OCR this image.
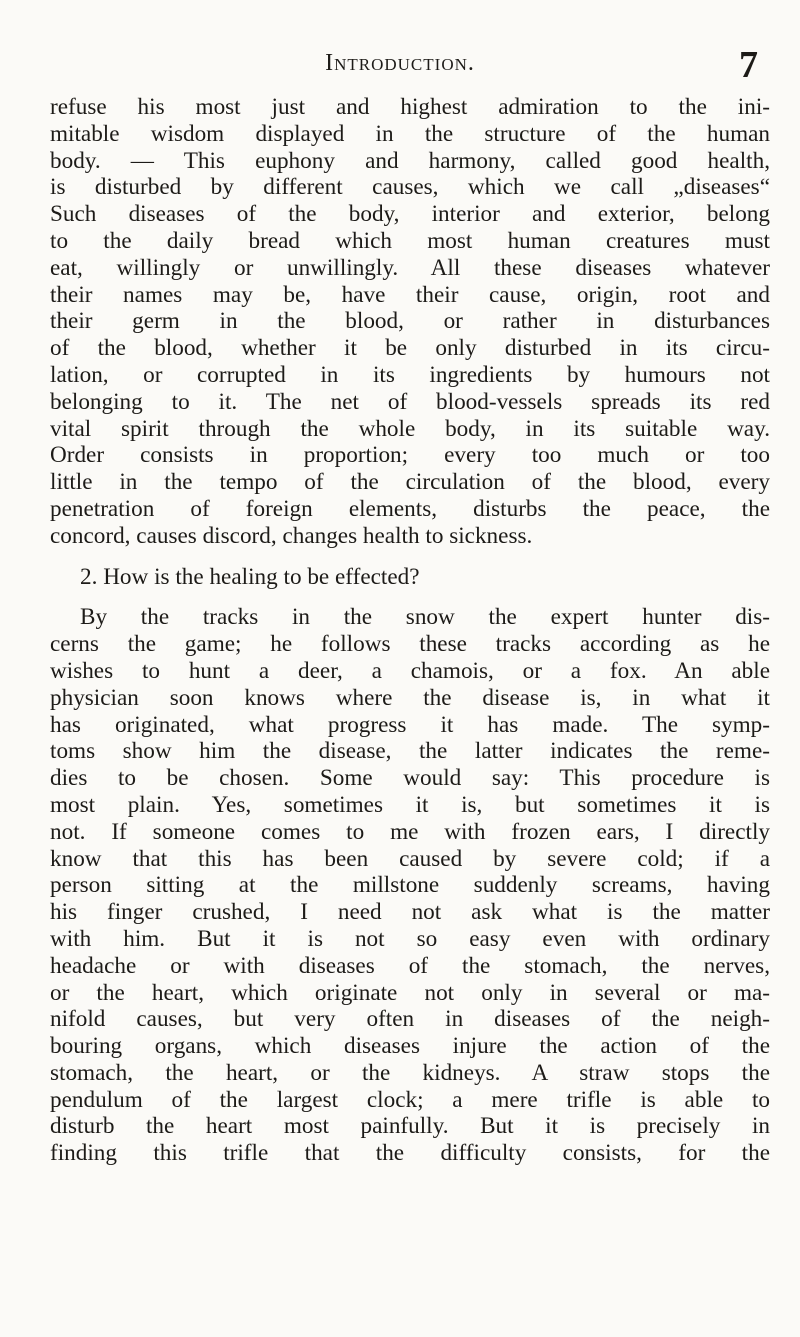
Introduction.	7
refuse his most just and highest admiration to the ini-
mitable wisdom displayed in the structure of the human
body. — This euphony and harmony, called good health,
is disturbed by different causes, which we call „diseases“
Such diseases of the body, interior and exterior, belong
to the daily bread which most human creatures must
eat, willingly or unwillingly. All these diseases whatever
their names may be, have their cause, origin, root and
their germ in the blood, or rather in disturbances
of the blood, whether it be only disturbed in its circu-
lation, or corrupted in its ingredients by humours not
belonging to it. The net of blood-vessels spreads its red
vital spirit through the whole body, in its suitable way.
Order consists in proportion; every too much or too
little in the tempo of the circulation of the blood, every
penetration of foreign elements, disturbs the peace, the
concord, causes discord, changes health to sickness.
2. How is the healing to be effected?
By the tracks in the snow the expert hunter dis-
cerns the game; he follows these tracks according as he
wishes to hunt a deer, a chamois, or a fox. An able
physician soon knows where the disease is, in what it
has originated, what progress it has made. The symp-
toms show him the disease, the latter indicates the reme-
dies to be chosen. Some would say: This procedure is
most plain. Yes, sometimes it is, but sometimes it is
not. If someone comes to me with frozen ears, I directly
know that this has been caused by severe cold; if a
person sitting at the millstone suddenly screams, having
his finger crushed, I need not ask what is the matter
with him. But it is not so easy even with ordinary
headache or with diseases of the stomach, the nerves,
or the heart, which originate not only in several or ma-
nifold causes, but very often in diseases of the neigh-
bouring organs, which diseases injure the action of the
stomach, the heart, or the kidneys. A straw stops the
pendulum of the largest clock; a mere trifle is able to
disturb the heart most painfully. But it is precisely in
finding this trifle that the difficulty consists, for the
